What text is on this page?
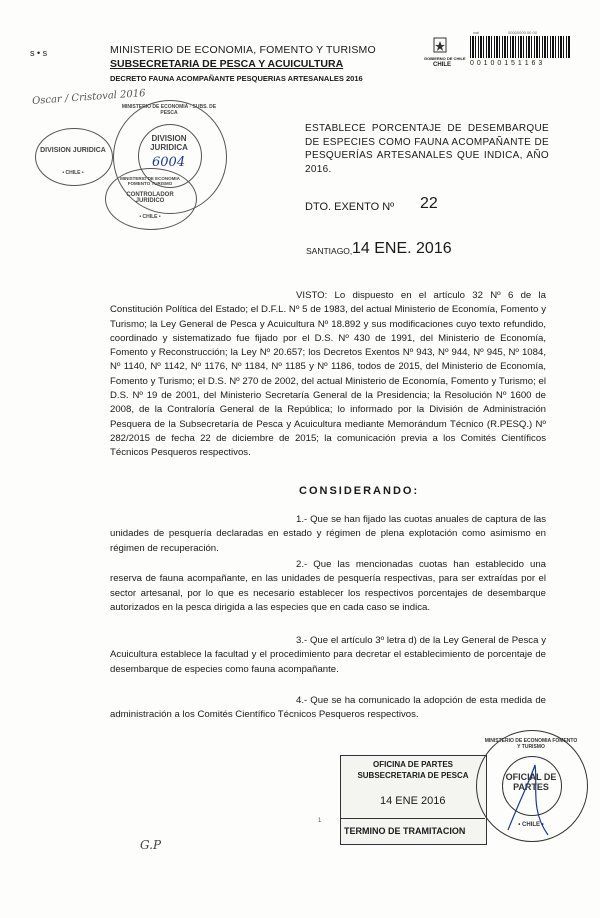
s • s	MINISTERIO DE ECONOMIA, FOMENTO Y TURISMO
SUBSECRETARIA DE PESCA Y ACUICULTURA
DECRETO FAUNA ACOMPAÑANTE PESQUERIAS ARTESANALES 2016
Oscar / Cristoval 2016
wal	00000000 00 00
GOBIERNO DE CHILE
CHILE	0 0 1 0 0 1 5 1 1 6 3
DIVISION JURIDICA
• CHILE •
MINISTERIO DE ECONOMIA · SUBS. DE PESCA
DIVISION JURIDICA
6004
MINISTERIO DE ECONOMIA FOMENTO TURISMO
CONTROLADOR JURIDICO
• CHILE •
ESTABLECE PORCENTAJE DE DESEMBARQUE DE ESPECIES COMO FAUNA ACOMPAÑANTE DE PESQUERÍAS ARTESANALES QUE INDICA, AÑO 2016.
DTO. EXENTO Nº 22
SANTIAGO, 14 ENE. 2016

VISTO: Lo dispuesto en el artículo 32 Nº 6 de la Constitución Política del Estado; el D.F.L. Nº 5 de 1983, del actual Ministerio de Economía, Fomento y Turismo; la Ley General de Pesca y Acuicultura Nº 18.892 y sus modificaciones cuyo texto refundido, coordinado y sistematizado fue fijado por el D.S. Nº 430 de 1991, del Ministerio de Economía, Fomento y Reconstrucción; la Ley Nº 20.657; los Decretos Exentos Nº 943, Nº 944, Nº 945, Nº 1084, Nº 1140, Nº 1142, Nº 1176, Nº 1184, Nº 1185 y Nº 1186, todos de 2015, del Ministerio de Economía, Fomento y Turismo; el D.S. Nº 270 de 2002, del actual Ministerio de Economía, Fomento y Turismo; el D.S. Nº 19 de 2001, del Ministerio Secretaría General de la Presidencia; la Resolución Nº 1600 de 2008, de la Contraloría General de la República; lo informado por la División de Administración Pesquera de la Subsecretaría de Pesca y Acuicultura mediante Memorándum Técnico (R.PESQ.) Nº 282/2015 de fecha 22 de diciembre de 2015; la comunicación previa a los Comités Científicos Técnicos Pesqueros respectivos.

CONSIDERANDO:

1.- Que se han fijado las cuotas anuales de captura de las unidades de pesquería declaradas en estado y régimen de plena explotación como asimismo en régimen de recuperación.

2.- Que las mencionadas cuotas han establecido una reserva de fauna acompañante, en las unidades de pesquería respectivas, para ser extraídas por el sector artesanal, por lo que es necesario establecer los respectivos porcentajes de desembarque autorizados en la pesca dirigida a las especies que en cada caso se indica.

3.- Que el artículo 3º letra d) de la Ley General de Pesca y Acuicultura establece la facultad y el procedimiento para decretar el establecimiento de porcentaje de desembarque de especies como fauna acompañante.

4.- Que se ha comunicado la adopción de esta medida de administración a los Comités Científico Técnicos Pesqueros respectivos.

OFICINA DE PARTES
SUBSECRETARIA DE PESCA
14 ENE 2016
TERMINO DE TRAMITACION
MINISTERIO DE ECONOMIA FOMENTO Y TURISMO
OFICIAL DE PARTES
• CHILE •
G.P
1
